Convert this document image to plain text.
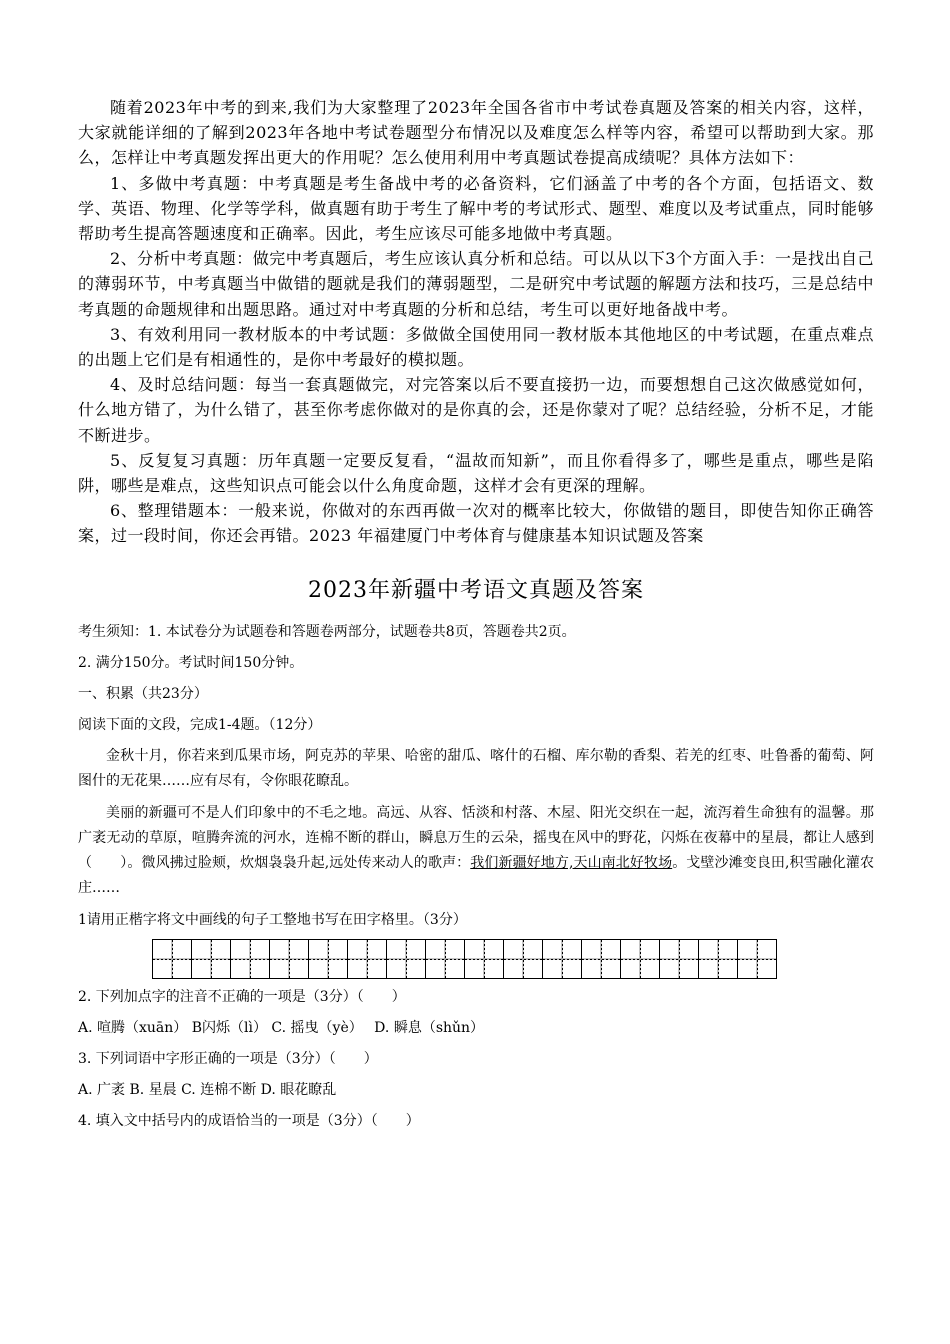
随着2023年中考的到来,我们为大家整理了2023年全国各省市中考试卷真题及答案的相关内容，这样，大家就能详细的了解到2023年各地中考试卷题型分布情况以及难度怎么样等内容，希望可以帮助到大家。那么，怎样让中考真题发挥出更大的作用呢？怎么使用利用中考真题试卷提高成绩呢？具体方法如下：

1、多做中考真题：中考真题是考生备战中考的必备资料，它们涵盖了中考的各个方面，包括语文、数学、英语、物理、化学等学科，做真题有助于考生了解中考的考试形式、题型、难度以及考试重点，同时能够帮助考生提高答题速度和正确率。因此，考生应该尽可能多地做中考真题。

2、分析中考真题：做完中考真题后，考生应该认真分析和总结。可以从以下3个方面入手：一是找出自己的薄弱环节，中考真题当中做错的题就是我们的薄弱题型，二是研究中考试题的解题方法和技巧，三是总结中考真题的命题规律和出题思路。通过对中考真题的分析和总结，考生可以更好地备战中考。

3、有效利用同一教材版本的中考试题：多做做全国使用同一教材版本其他地区的中考试题，在重点难点的出题上它们是有相通性的，是你中考最好的模拟题。

4、及时总结问题：每当一套真题做完，对完答案以后不要直接扔一边，而要想想自己这次做感觉如何，什么地方错了，为什么错了，甚至你考虑你做对的是你真的会，还是你蒙对了呢？总结经验，分析不足，才能不断进步。

5、反复复习真题：历年真题一定要反复看，“温故而知新”，而且你看得多了，哪些是重点，哪些是陷阱，哪些是难点，这些知识点可能会以什么角度命题，这样才会有更深的理解。

6、整理错题本：一般来说，你做对的东西再做一次对的概率比较大，你做错的题目，即使告知你正确答案，过一段时间，你还会再错。2023 年福建厦门中考体育与健康基本知识试题及答案

2023年新疆中考语文真题及答案

考生须知：1. 本试卷分为试题卷和答题卷两部分，试题卷共8页，答题卷共2页。

2. 满分150分。考试时间150分钟。

一、积累（共23分）

阅读下面的文段，完成1-4题。（12分）

金秋十月，你若来到瓜果市场，阿克苏的苹果、哈密的甜瓜、喀什的石榴、库尔勒的香梨、若羌的红枣、吐鲁番的葡萄、阿图什的无花果……应有尽有，令你眼花瞭乱。

美丽的新疆可不是人们印象中的不毛之地。高远、从容、恬淡和村落、木屋、阳光交织在一起，流泻着生命独有的温馨。那广袤无动的草原，喧腾奔流的河水，连棉不断的群山，瞬息万生的云朵，摇曳在风中的野花，闪烁在夜幕中的星晨，都让人感到（　　）。微风拂过脸颊，炊烟袅袅升起,远处传来动人的歌声：我们新疆好地方,天山南北好牧场。戈壁沙滩变良田,积雪融化灌农庄……

1请用正楷字将文中画线的句子工整地书写在田字格里。（3分）

2. 下列加点字的注音不正确的一项是（3分）（　　）

A. 喧腾（xuān） B闪烁（lì） C. 摇曳（yè）　 D. 瞬息（shǔn）

3. 下列词语中字形正确的一项是（3分）（　　）

A. 广袤 B. 星晨 C. 连棉不断 D. 眼花瞭乱

4. 填入文中括号内的成语恰当的一项是（3分）（　　）
